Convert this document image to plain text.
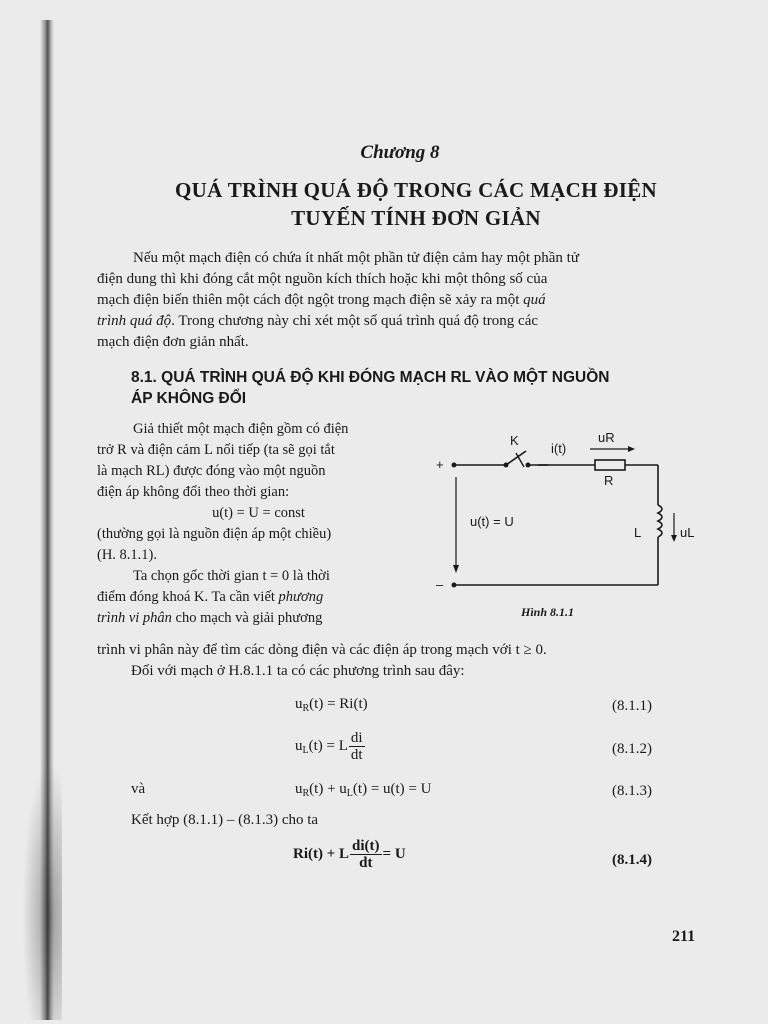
Chương 8
QUÁ TRÌNH QUÁ ĐỘ TRONG CÁC MẠCH ĐIỆN
TUYẾN TÍNH ĐƠN GIẢN
Nếu một mạch điện có chứa ít nhất một phần tử điện cảm hay một phần tử
điện dung thì khi đóng cắt một nguồn kích thích hoặc khi một thông số của
mạch điện biến thiên một cách đột ngột trong mạch điện sẽ xảy ra một quá
trình quá độ. Trong chương này chỉ xét một số quá trình quá độ trong các
mạch điện đơn giản nhất.
8.1. QUÁ TRÌNH QUÁ ĐỘ KHI ĐÓNG MẠCH RL VÀO MỘT NGUỒN
ÁP KHÔNG ĐỔI
Giả thiết một mạch điện gồm có điện
trở R và điện cảm L nối tiếp (ta sẽ gọi tắt
là mạch RL) được đóng vào một nguồn
điện áp không đổi theo thời gian:
u(t) = U = const
(thường gọi là nguồn điện áp một chiều)
(H. 8.1.1).
Ta chọn gốc thời gian t = 0 là thời
điểm đóng khoá K. Ta cần viết phương
trình vi phân cho mạch và giải phương
trình vi phân này để tìm các dòng điện và các điện áp trong mạch với t ≥ 0.
Đối với mạch ở H.8.1.1 ta có các phương trình sau đây:
$u_R(t) = Ri(t)$	(8.1.1)
$u_L(t) = L \frac{di}{dt}$	(8.1.2)
và	$u_R(t) + u_L(t) = u(t) = U$	(8.1.3)
Kết hợp (8.1.1) – (8.1.3) cho ta
Ri(t) + L $\frac{di(t)}{dt} = U$	(8.1.4)
+
–
K
i(t)
uR
R
L	uL
u(t) = U
Hình 8.1.1
211
